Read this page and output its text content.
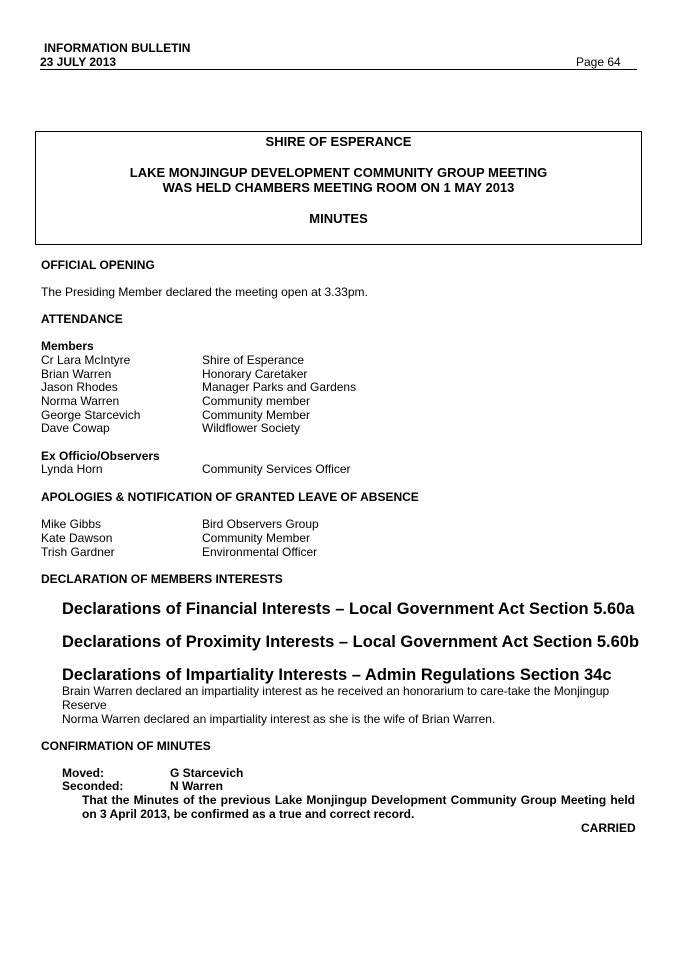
INFORMATION BULLETIN
23 JULY 2013	Page 64
SHIRE OF ESPERANCE
LAKE MONJINGUP DEVELOPMENT COMMUNITY GROUP MEETING
WAS HELD CHAMBERS MEETING ROOM ON 1 MAY 2013
MINUTES
OFFICIAL OPENING
The Presiding Member declared the meeting open at 3.33pm.
ATTENDANCE
Members
Cr Lara McIntyre	Shire of Esperance
Brian Warren	Honorary Caretaker
Jason Rhodes	Manager Parks and Gardens
Norma Warren	Community member
George Starcevich	Community Member
Dave Cowap	Wildflower Society
Ex Officio/Observers
Lynda Horn	Community Services Officer
APOLOGIES & NOTIFICATION OF GRANTED LEAVE OF ABSENCE
Mike Gibbs	Bird Observers Group
Kate Dawson	Community Member
Trish Gardner	Environmental Officer
DECLARATION OF MEMBERS INTERESTS
Declarations of Financial Interests – Local Government Act Section 5.60a
Declarations of Proximity Interests – Local Government Act Section 5.60b
Declarations of Impartiality Interests – Admin Regulations Section 34c
Brain Warren declared an impartiality interest as he received an honorarium to care-take the Monjingup
Reserve
Norma Warren declared an impartiality interest as she is the wife of Brian Warren.
CONFIRMATION OF MINUTES
Moved:	G Starcevich
Seconded:	N Warren
That the Minutes of the previous Lake Monjingup Development Community Group Meeting held on 3 April 2013, be confirmed as a true and correct record.
CARRIED
